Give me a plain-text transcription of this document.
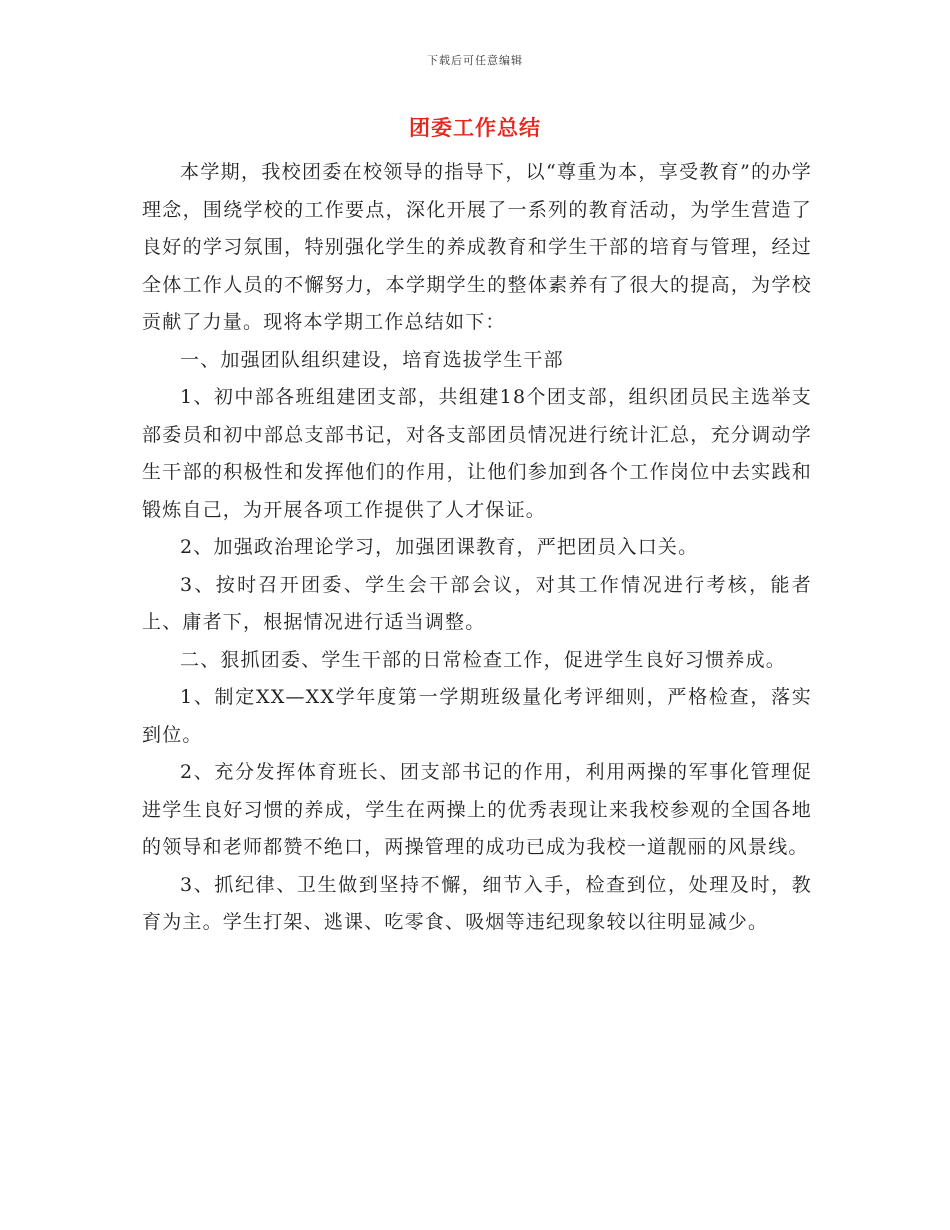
下载后可任意编辑
团委工作总结

本学期，我校团委在校领导的指导下，以“尊重为本，享受教育”的办学理念，围绕学校的工作要点，深化开展了一系列的教育活动，为学生营造了良好的学习氛围，特别强化学生的养成教育和学生干部的培育与管理，经过全体工作人员的不懈努力，本学期学生的整体素养有了很大的提高，为学校贡献了力量。现将本学期工作总结如下：

一、加强团队组织建设，培育选拔学生干部

1、初中部各班组建团支部，共组建18个团支部，组织团员民主选举支部委员和初中部总支部书记，对各支部团员情况进行统计汇总，充分调动学生干部的积极性和发挥他们的作用，让他们参加到各个工作岗位中去实践和锻炼自己，为开展各项工作提供了人才保证。

2、加强政治理论学习，加强团课教育，严把团员入口关。

3、按时召开团委、学生会干部会议，对其工作情况进行考核，能者上、庸者下，根据情况进行适当调整。

二、狠抓团委、学生干部的日常检查工作，促进学生良好习惯养成。

1、制定XX—XX学年度第一学期班级量化考评细则，严格检查，落实到位。

2、充分发挥体育班长、团支部书记的作用，利用两操的军事化管理促进学生良好习惯的养成，学生在两操上的优秀表现让来我校参观的全国各地的领导和老师都赞不绝口，两操管理的成功已成为我校一道靓丽的风景线。

3、抓纪律、卫生做到坚持不懈，细节入手，检查到位，处理及时，教育为主。学生打架、逃课、吃零食、吸烟等违纪现象较以往明显减少。
